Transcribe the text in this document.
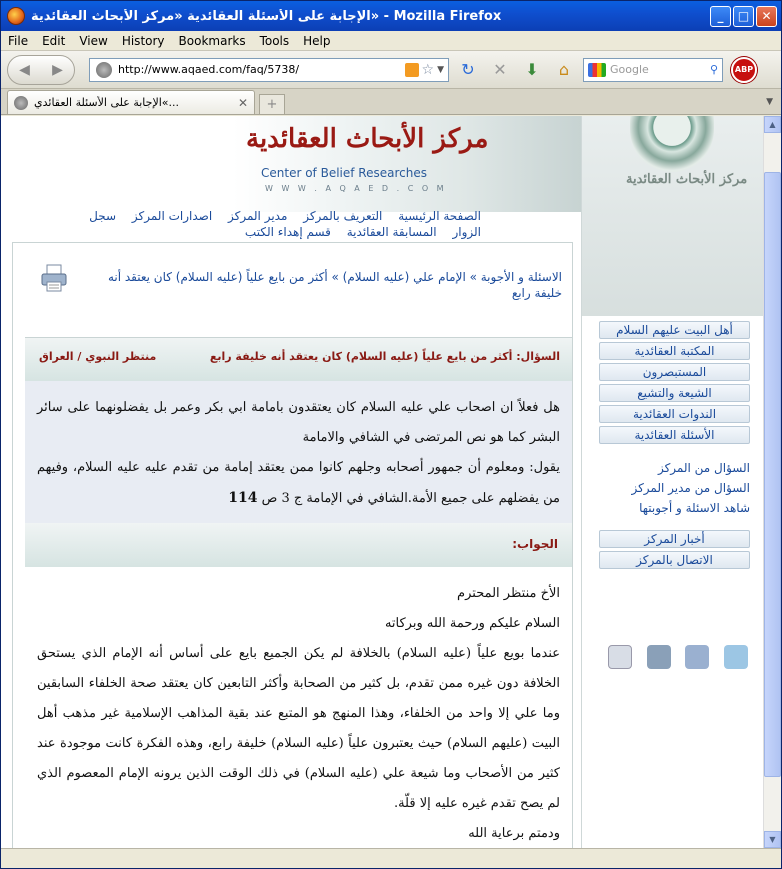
الإجابة على الأسئلة العقائدية «مركز الأبحاث العقائدية» - Mozilla Firefox	_	□	✕
File	Edit	View	History	Bookmarks	Tools	Help
◀ ▶	http://www.aqaed.com/faq/5738/	☆ ▼	↻	✕	⬇	⌂	Google	⚲	ABP
الإجابة على الأسئلة العقائدي«...	✕	+	▼
مركز الأبحاث العقائدية
Center of Belief Researches
W W W . A Q A E D . C O M
مركز الأبحاث العقائدية
الصفحة الرئيسية التعريف بالمركز مدير المركز اصدارات المركز سجل
الزوار المسابقة العقائدية قسم إهداء الكتب
الاسئلة و الأجوبة » الإمام علي (عليه السلام) » أكثر من بايع علياً (عليه السلام) كان يعتقد أنه خليفة رابع
السؤال: أكثر من بايع علياً (عليه السلام) كان يعتقد أنه خليفة رابع
منتظر النبوي / العراق
هل فعلاً ان اصحاب علي عليه السلام كان يعتقدون بامامة ابي بكر وعمر بل يفضلونهما على سائر البشر كما هو نص المرتضى في الشافي والامامة
يقول: ومعلوم أن جمهور أصحابه وجلهم كانوا ممن يعتقد إمامة من تقدم عليه عليه السلام، وفيهم من يفضلهم على جميع الأمة.الشافي في الإمامة ج 3 ص 114
الجواب:

الأخ منتظر المحترم

السلام عليكم ورحمة الله وبركاته

عندما بويع علياً (عليه السلام) بالخلافة لم يكن الجميع بايع على أساس أنه الإمام الذي يستحق الخلافة دون غيره ممن تقدم، بل كثير من الصحابة وأكثر التابعين كان يعتقد صحة الخلفاء السابقين وما علي إلا واحد من الخلفاء، وهذا المنهج هو المتبع عند بقية المذاهب الإسلامية غير مذهب أهل البيت (عليهم السلام) حيث يعتبرون علياً (عليه السلام) خليفة رابع، وهذه الفكرة كانت موجودة عند كثير من الأصحاب وما شيعة علي (عليه السلام) في ذلك الوقت الذين يرونه الإمام المعصوم الذي لم يصح تقدم غيره عليه إلا قلّة.

ودمتم برعاية الله

أهل البيت عليهم السلام
المكتبة العقائدية
المستبصرون
الشيعة والتشيع
الندوات العقائدية
الأسئلة العقائدية
السؤال من المركز
السؤال من مدير المركز
شاهد الاسئلة و أجوبتها
أخبار المركز
الاتصال بالمركز
▲
▼
